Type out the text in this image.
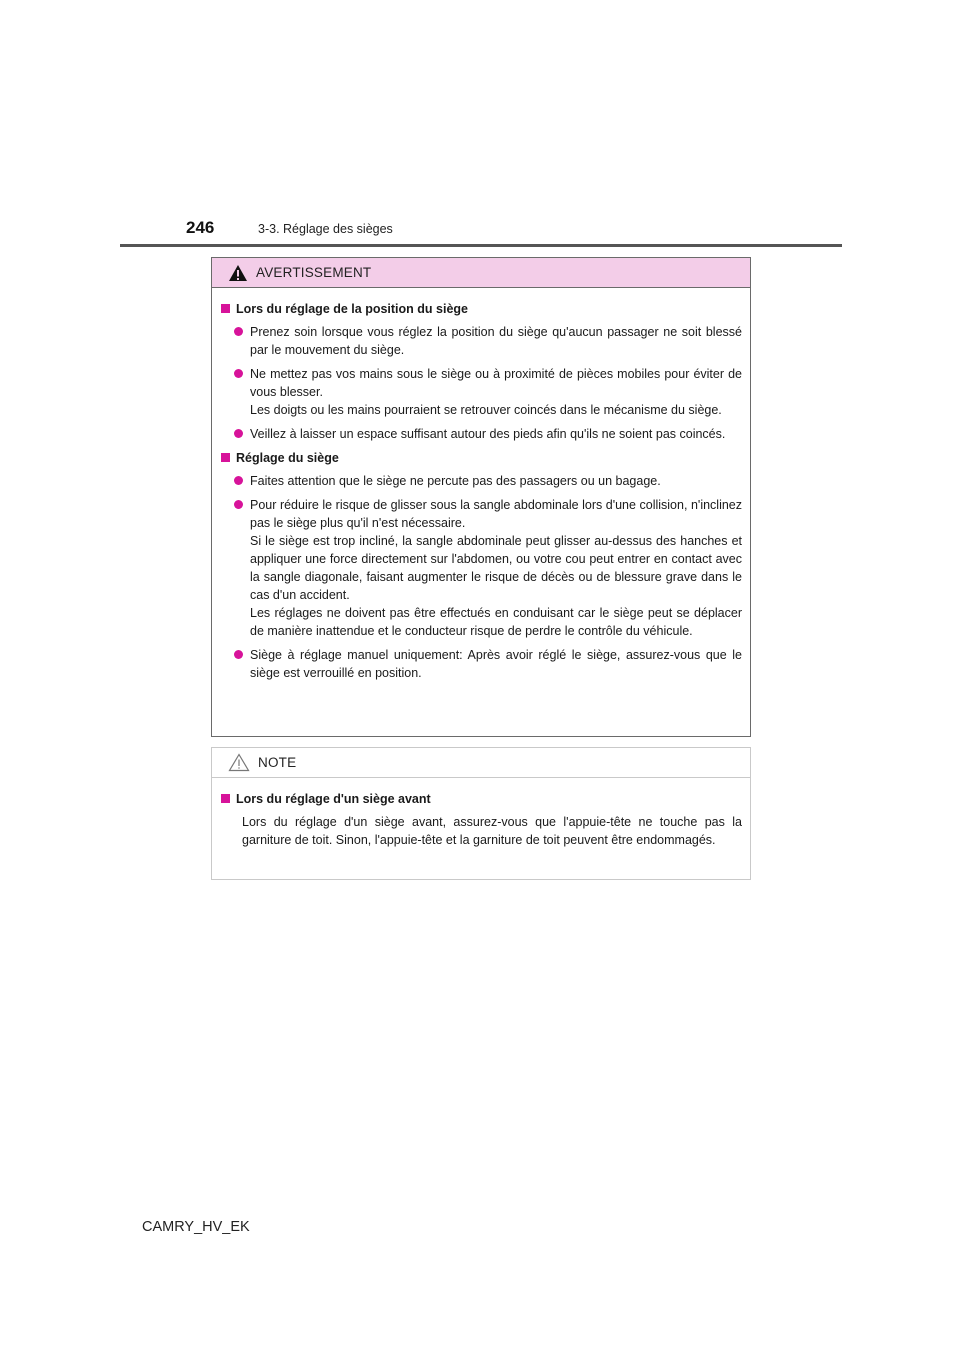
246	3-3. Réglage des sièges
AVERTISSEMENT
Lors du réglage de la position du siège

Prenez soin lorsque vous réglez la position du siège qu'aucun passager ne soit blessé par le mouvement du siège.

Ne mettez pas vos mains sous le siège ou à proximité de pièces mobiles pour éviter de vous blesser.

Les doigts ou les mains pourraient se retrouver coincés dans le mécanisme du siège.

Veillez à laisser un espace suffisant autour des pieds afin qu'ils ne soient pas coincés.

Réglage du siège

Faites attention que le siège ne percute pas des passagers ou un bagage.

Pour réduire le risque de glisser sous la sangle abdominale lors d'une collision, n'inclinez pas le siège plus qu'il n'est nécessaire.

Si le siège est trop incliné, la sangle abdominale peut glisser au-dessus des hanches et appliquer une force directement sur l'abdomen, ou votre cou peut entrer en contact avec la sangle diagonale, faisant augmenter le risque de décès ou de blessure grave dans le cas d'un accident.

Les réglages ne doivent pas être effectués en conduisant car le siège peut se déplacer de manière inattendue et le conducteur risque de perdre le contrôle du véhicule.

Siège à réglage manuel uniquement: Après avoir réglé le siège, assurez-vous que le siège est verrouillé en position.

NOTE
Lors du réglage d'un siège avant
Lors du réglage d'un siège avant, assurez-vous que l'appuie-tête ne touche pas la garniture de toit. Sinon, l'appuie-tête et la garniture de toit peuvent être endommagés.
CAMRY_HV_EK
